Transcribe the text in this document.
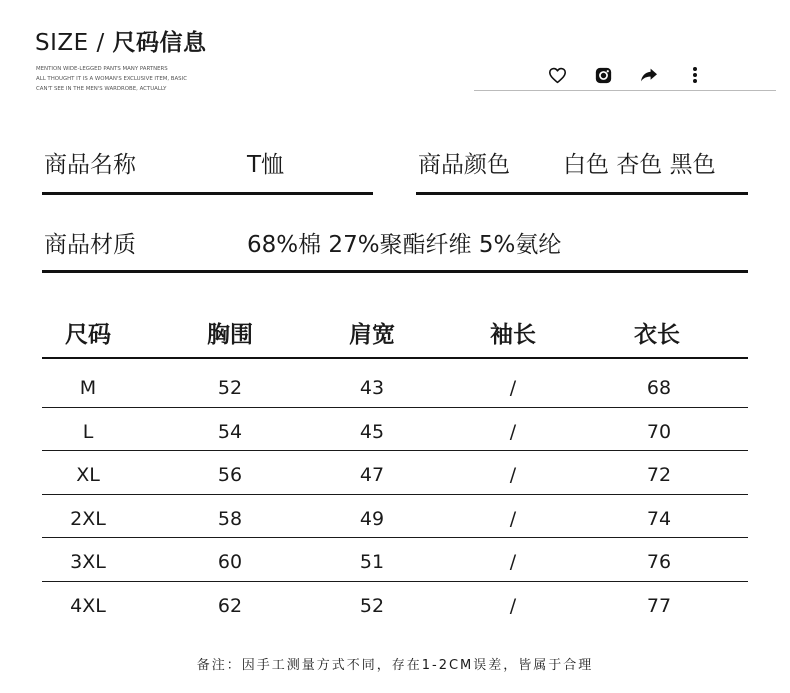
SIZE / 尺码信息
MENTION WIDE-LEGGED PANTS MANY PARTNERS
ALL THOUGHT IT IS A WOMAN'S EXCLUSIVE ITEM, BASIC
CAN'T SEE IN THE MEN'S WARDROBE, ACTUALLY
商品名称	T恤	商品颜色 白色 杏色 黑色
商品材质	68%棉 27%聚酯纤维 5%氨纶
尺码	胸围	肩宽	袖长	衣长
M	52	43	/	68
L	54	45	/	70
XL	56	47	/	72
2XL	58	49	/	74
3XL	60	51	/	76
4XL	62	52	/	77
备注：因手工测量方式不同，存在1-2CM误差，皆属于合理
